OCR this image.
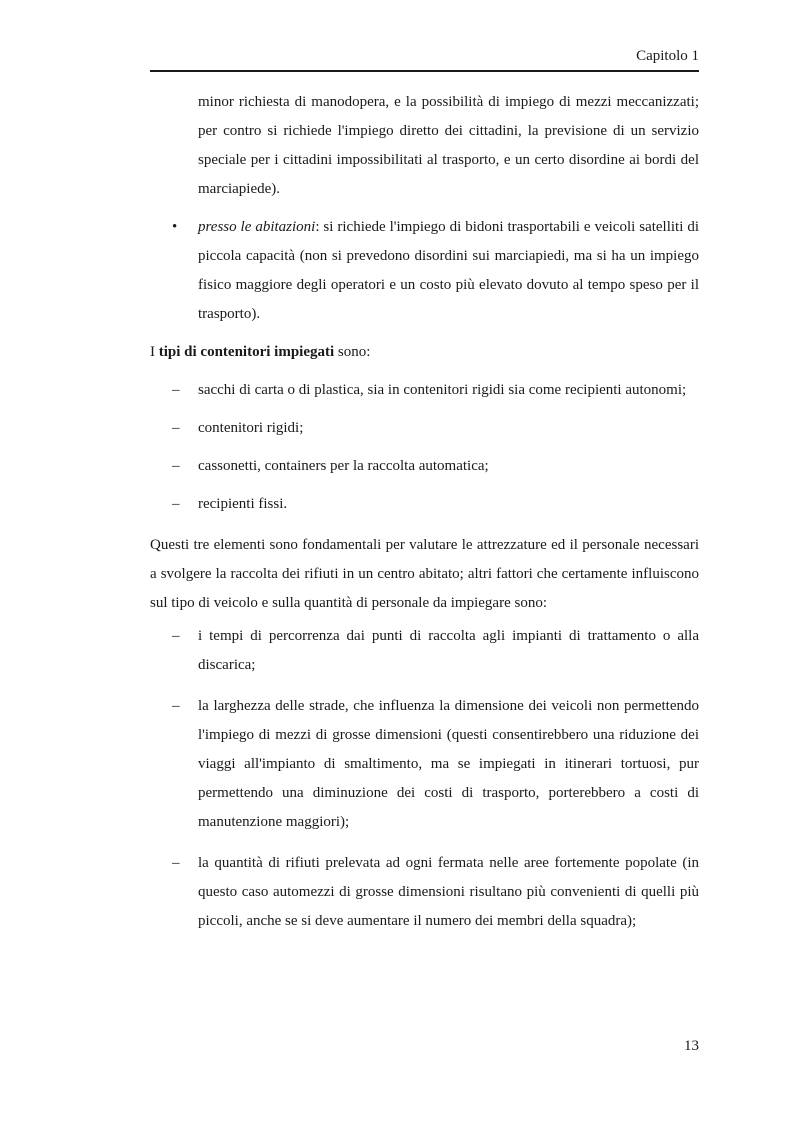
Capitolo 1

minor richiesta di manodopera, e la possibilità di impiego di mezzi meccanizzati; per contro si richiede l'impiego diretto dei cittadini, la previsione di un servizio speciale per i cittadini impossibilitati al trasporto, e un certo disordine ai bordi del marciapiede).

•	presso le abitazioni: si richiede l'impiego di bidoni trasportabili e veicoli satelliti di piccola capacità (non si prevedono disordini sui marciapiedi, ma si ha un impiego fisico maggiore degli operatori e un costo più elevato dovuto al tempo speso per il trasporto).

I tipi di contenitori impiegati sono:

–	sacchi di carta o di plastica, sia in contenitori rigidi sia come recipienti autonomi;

–	contenitori rigidi;

–	cassonetti, containers per la raccolta automatica;

–	recipienti fissi.

Questi tre elementi sono fondamentali per valutare le attrezzature ed il personale necessari a svolgere la raccolta dei rifiuti in un centro abitato; altri fattori che certamente influiscono sul tipo di veicolo e sulla quantità di personale da impiegare sono:

–	i tempi di percorrenza dai punti di raccolta agli impianti di trattamento o alla discarica;

–	la larghezza delle strade, che influenza la dimensione dei veicoli non permettendo l'impiego di mezzi di grosse dimensioni (questi consentirebbero una riduzione dei viaggi all'impianto di smaltimento, ma se impiegati in itinerari tortuosi, pur permettendo una diminuzione dei costi di trasporto, porterebbero a costi di manutenzione maggiori);

–	la quantità di rifiuti prelevata ad ogni fermata nelle aree fortemente popolate (in questo caso automezzi di grosse dimensioni risultano più convenienti di quelli più piccoli, anche se si deve aumentare il numero dei membri della squadra);

13
